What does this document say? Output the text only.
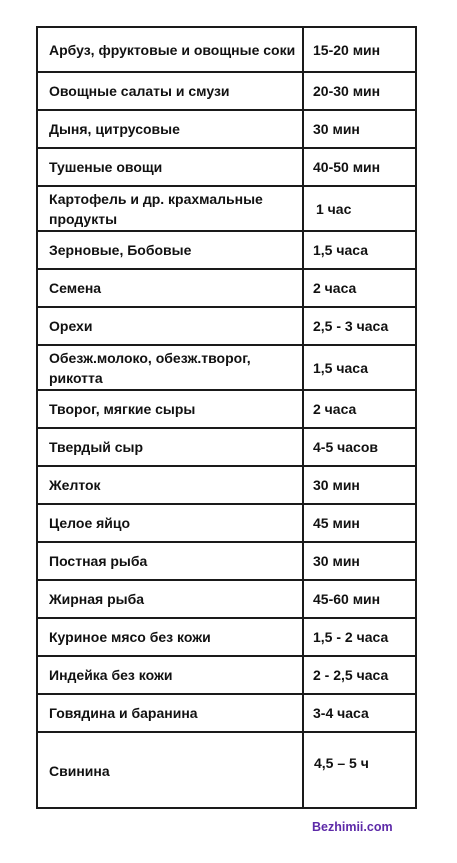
Арбуз, фруктовые и овощные соки	15-20 мин
Овощные салаты и смузи	20-30 мин
Дыня, цитрусовые	30 мин
Тушеные овощи	40-50 мин
Картофель и др. крахмальные продукты	1 час
Зерновые, Бобовые	1,5 часа
Семена	2 часа
Орехи	2,5 - 3 часа
Обезж.молоко, обезж.творог, рикотта	1,5 часа
Творог, мягкие сыры	2 часа
Твердый сыр	4-5 часов
Желток	30 мин
Целое яйцо	45 мин
Постная рыба	30 мин
Жирная рыба	45-60 мин
Куриное мясо без кожи	1,5 - 2 часа
Индейка без кожи	2 - 2,5 часа
Говядина и баранина	3-4 часа
Свинина	4,5 – 5 ч
Bezhimii.com
